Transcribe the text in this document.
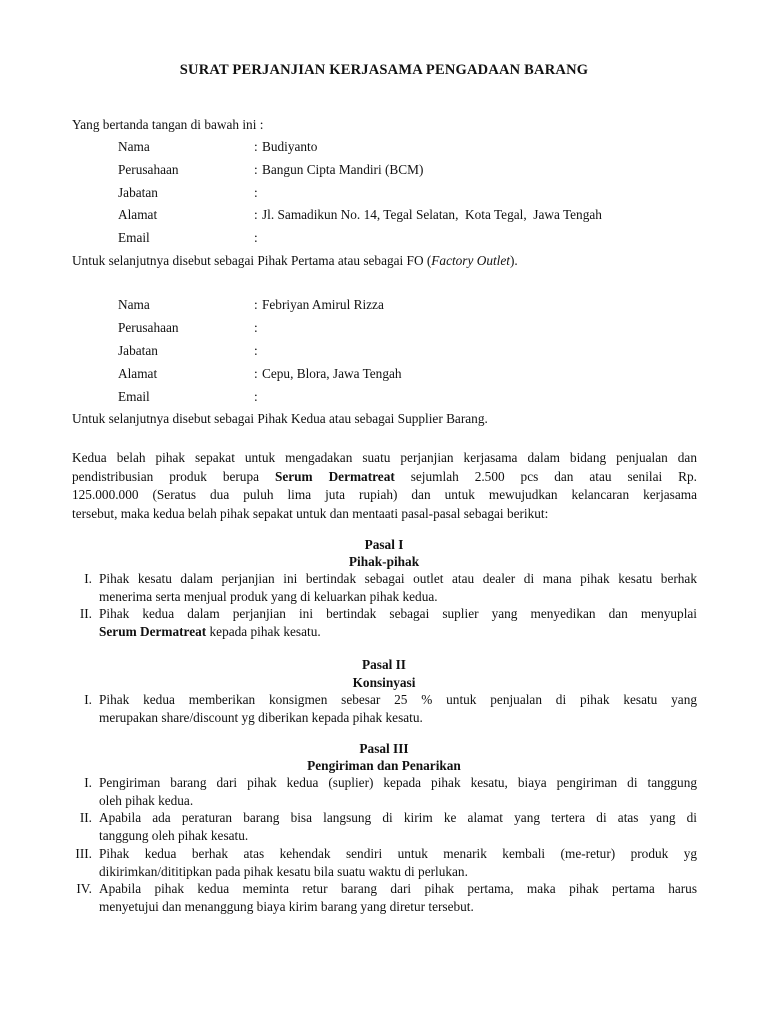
SURAT PERJANJIAN KERJASAMA PENGADAAN BARANG
Yang bertanda tangan di bawah ini :
Nama	: Budiyanto
Perusahaan	: Bangun Cipta Mandiri (BCM)
Jabatan	:
Alamat	: Jl. Samadikun No. 14, Tegal Selatan,  Kota Tegal,  Jawa Tengah
Email	:
Untuk selanjutnya disebut sebagai Pihak Pertama atau sebagai FO (Factory Outlet).
Nama	: Febriyan Amirul Rizza
Perusahaan	:
Jabatan	:
Alamat	: Cepu, Blora, Jawa Tengah
Email	:
Untuk selanjutnya disebut sebagai Pihak Kedua atau sebagai Supplier Barang.
Kedua belah pihak sepakat untuk mengadakan suatu perjanjian kerjasama dalam bidang penjualan dan
pendistribusian produk berupa Serum Dermatreat sejumlah 2.500 pcs dan atau senilai Rp.
125.000.000 (Seratus dua puluh lima juta rupiah) dan untuk mewujudkan kelancaran kerjasama
tersebut, maka kedua belah pihak sepakat untuk dan mentaati pasal-pasal sebagai berikut:
Pasal I
Pihak-pihak
I. Pihak kesatu dalam perjanjian ini bertindak sebagai outlet atau dealer di mana pihak kesatu berhak
menerima serta menjual produk yang di keluarkan pihak kedua.
II. Pihak kedua dalam perjanjian ini bertindak sebagai suplier yang menyedikan dan menyuplai
Serum Dermatreat kepada pihak kesatu.
Pasal II
Konsinyasi
I. Pihak kedua memberikan konsigmen sebesar 25 % untuk penjualan di pihak kesatu yang
merupakan share/discount yg diberikan kepada pihak kesatu.
Pasal III
Pengiriman dan Penarikan
I. Pengiriman barang dari pihak kedua (suplier) kepada pihak kesatu, biaya pengiriman di tanggung
oleh pihak kedua.
II. Apabila ada peraturan barang bisa langsung di kirim ke alamat yang tertera di atas yang di
tanggung oleh pihak kesatu.
III. Pihak kedua berhak atas kehendak sendiri untuk menarik kembali (me-retur) produk yg
dikirimkan/dititipkan pada pihak kesatu bila suatu waktu di perlukan.
IV. Apabila pihak kedua meminta retur barang dari pihak pertama, maka pihak pertama harus
menyetujui dan menanggung biaya kirim barang yang diretur tersebut.
